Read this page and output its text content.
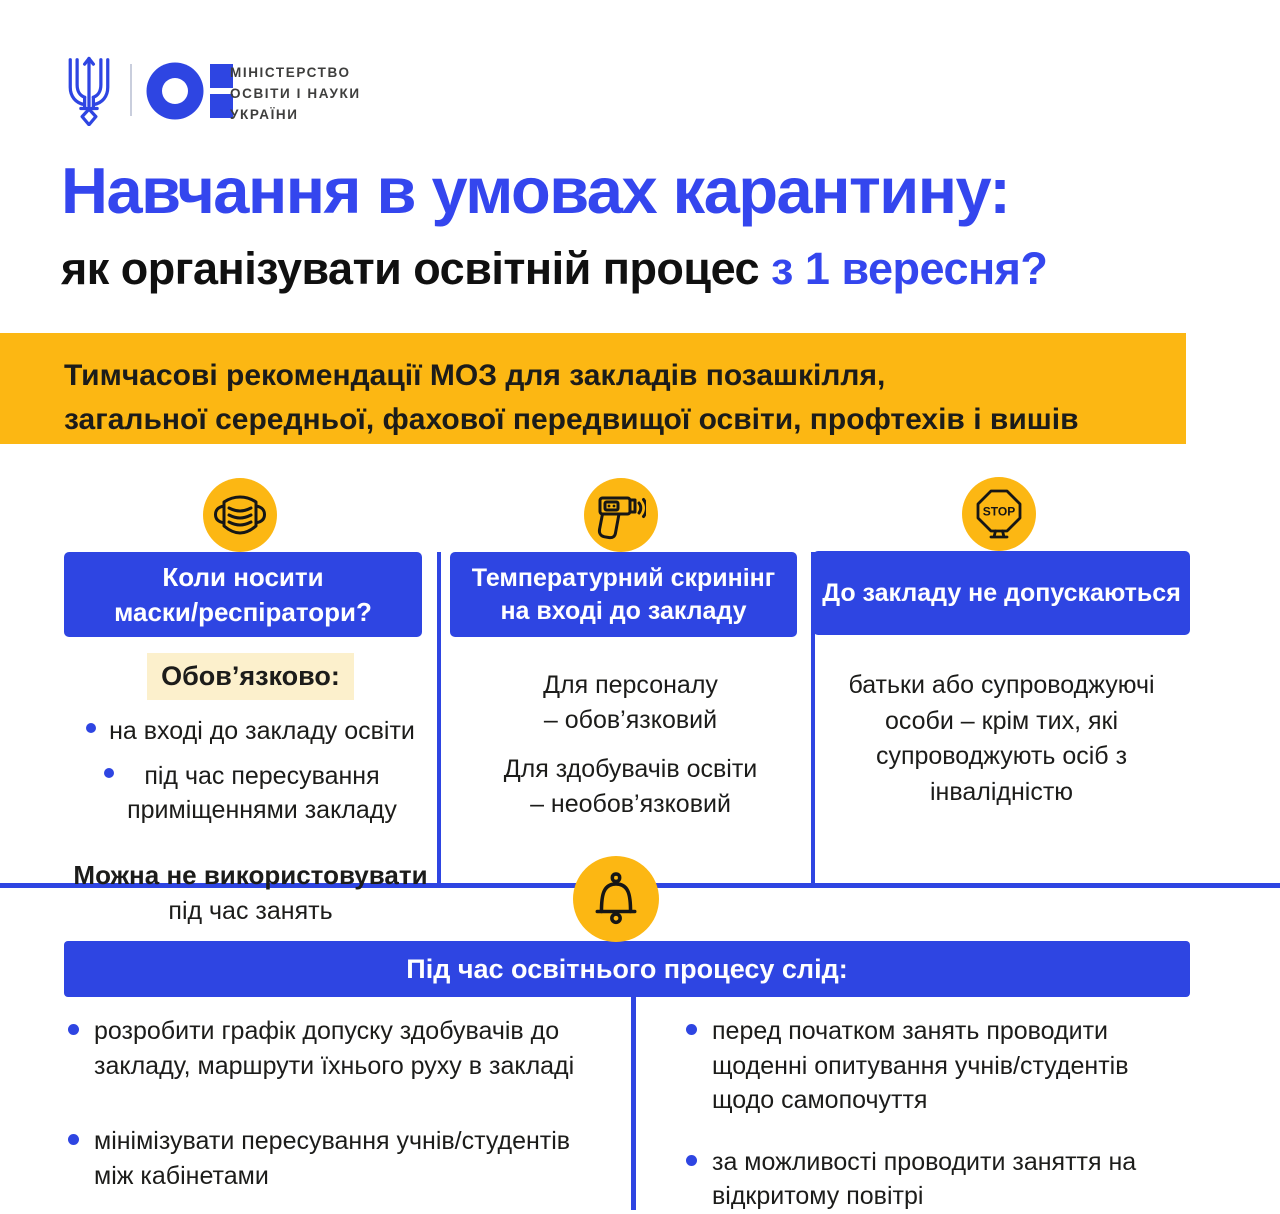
МІНІСТЕРСТВО
ОСВІТИ І НАУКИ
УКРАЇНИ
Навчання в умовах карантину:
як організувати освітній процес з 1 вересня?
Тимчасові рекомендації МОЗ для закладів позашкілля,
загальної середньої, фахової передвищої освіти, профтехів і вишів
STOP
Коли носити
маски/респіратори?
Температурний скринінг
на вході до закладу
До закладу не допускаються
Обов’язково:
на вході до закладу освіти
під час пересування
приміщеннями закладу
Можна не використовувати
під час занять
Для персоналу
– обов’язковий
Для здобувачів освіти
– необов’язковий
батьки або супроводжуючі особи – крім тих, які супроводжують осіб з інвалідністю
Під час освітнього процесу слід:
розробити графік допуску здобувачів до закладу, маршрути їхнього руху в закладі
мінімізувати пересування учнів/студентів між кабінетами
перед початком занять проводити щоденні опитування учнів/студентів щодо самопочуття
за можливості проводити заняття на відкритому повітрі
